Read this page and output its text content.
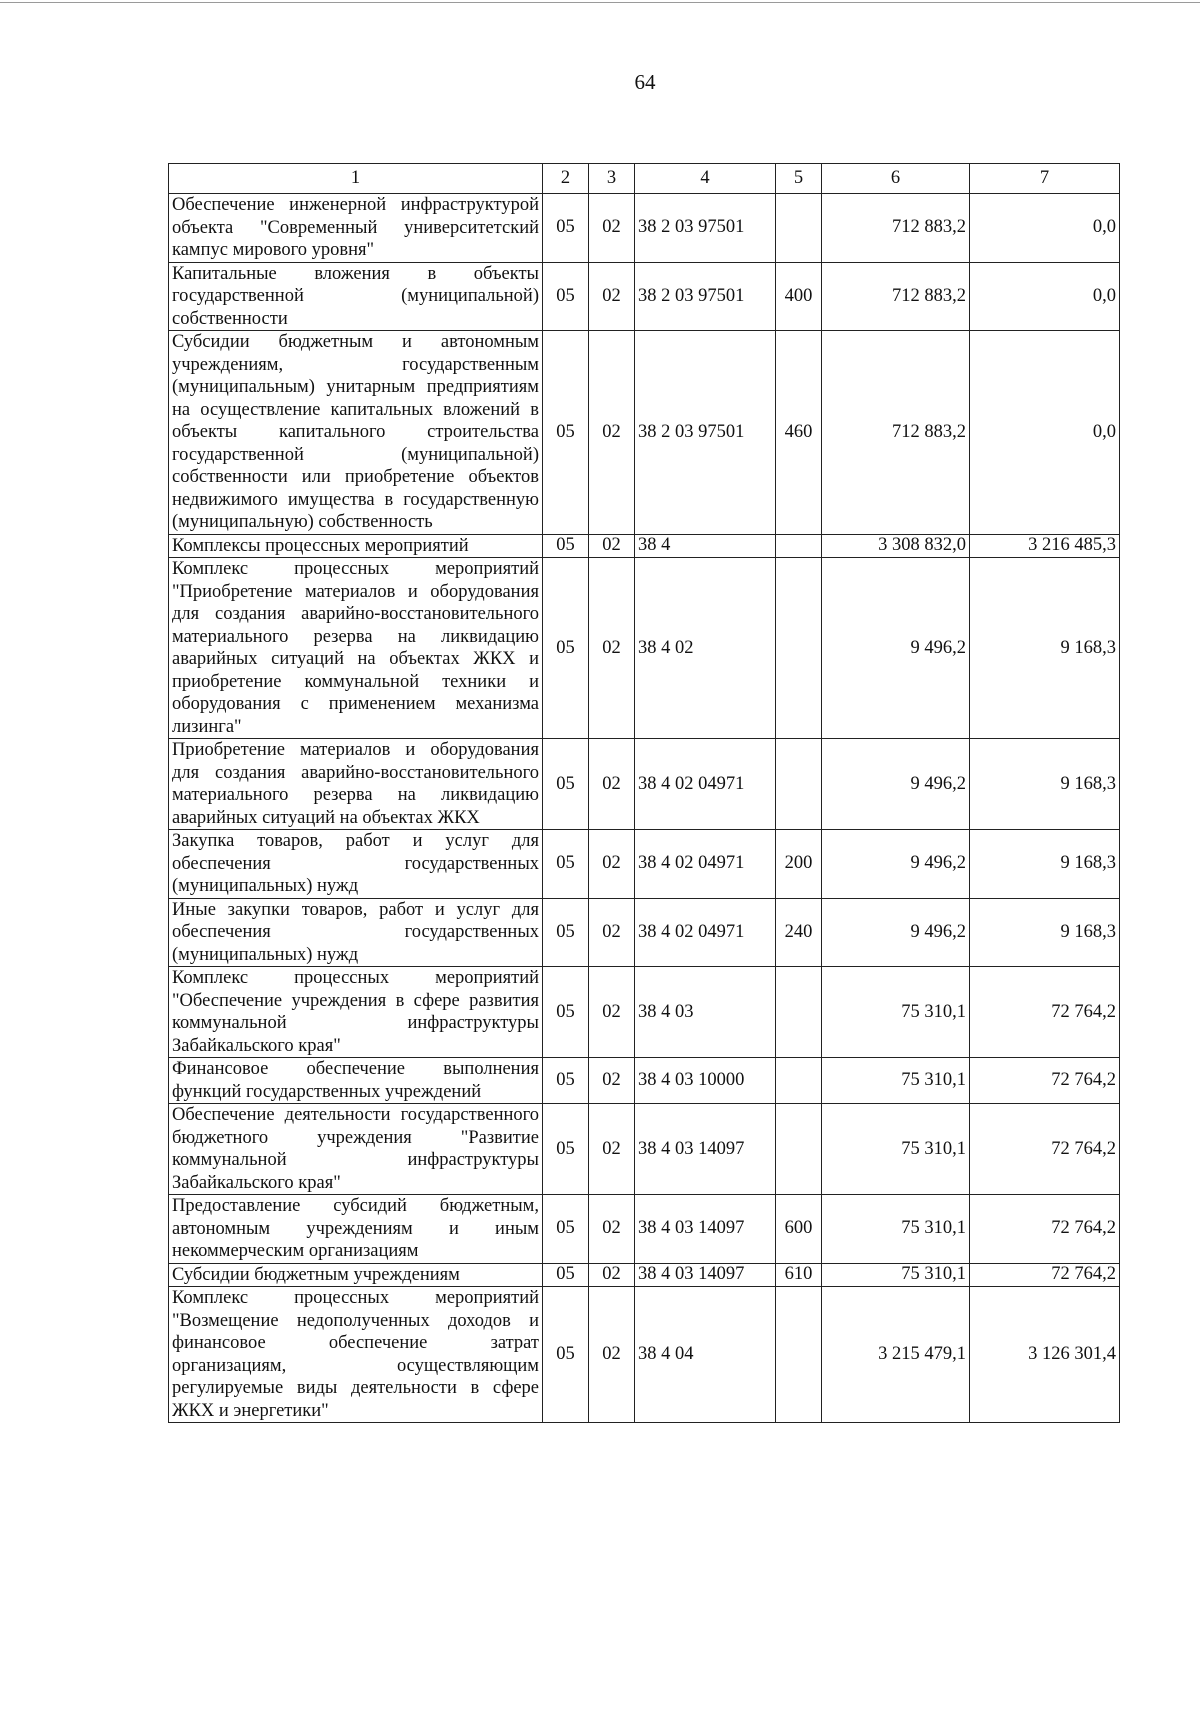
64
1	2	3	4	5	6	7
Обеспечение инженерной инфраструктурой объекта "Современный университетский кампус мирового уровня"	05	02	38 2 03 97501		712 883,2	0,0
Капитальные вложения в объекты государственной (муниципальной) собственности	05	02	38 2 03 97501	400	712 883,2	0,0
Субсидии бюджетным и автономным учреждениям, государственным (муниципальным) унитарным предприятиям на осуществление капитальных вложений в объекты капитального строительства государственной (муниципальной) собственности или приобретение объектов недвижимого имущества в государственную (муниципальную) собственность	05	02	38 2 03 97501	460	712 883,2	0,0
Комплексы процессных мероприятий	05	02	38 4		3 308 832,0	3 216 485,3
Комплекс процессных мероприятий "Приобретение материалов и оборудования для создания аварийно-восстановительного материального резерва на ликвидацию аварийных ситуаций на объектах ЖКХ и приобретение коммунальной техники и оборудования с применением механизма лизинга"	05	02	38 4 02		9 496,2	9 168,3
Приобретение материалов и оборудования для создания аварийно-восстановительного материального резерва на ликвидацию аварийных ситуаций на объектах ЖКХ	05	02	38 4 02 04971		9 496,2	9 168,3
Закупка товаров, работ и услуг для обеспечения государственных (муниципальных) нужд	05	02	38 4 02 04971	200	9 496,2	9 168,3
Иные закупки товаров, работ и услуг для обеспечения государственных (муниципальных) нужд	05	02	38 4 02 04971	240	9 496,2	9 168,3
Комплекс процессных мероприятий "Обеспечение учреждения в сфере развития коммунальной инфраструктуры Забайкальского края"	05	02	38 4 03		75 310,1	72 764,2
Финансовое обеспечение выполнения функций государственных учреждений	05	02	38 4 03 10000		75 310,1	72 764,2
Обеспечение деятельности государственного бюджетного учреждения "Развитие коммунальной инфраструктуры Забайкальского края"	05	02	38 4 03 14097		75 310,1	72 764,2
Предоставление субсидий бюджетным, автономным учреждениям и иным некоммерческим организациям	05	02	38 4 03 14097	600	75 310,1	72 764,2
Субсидии бюджетным учреждениям	05	02	38 4 03 14097	610	75 310,1	72 764,2
Комплекс процессных мероприятий "Возмещение недополученных доходов и финансовое обеспечение затрат организациям, осуществляющим регулируемые виды деятельности в сфере ЖКХ и энергетики"	05	02	38 4 04		3 215 479,1	3 126 301,4
